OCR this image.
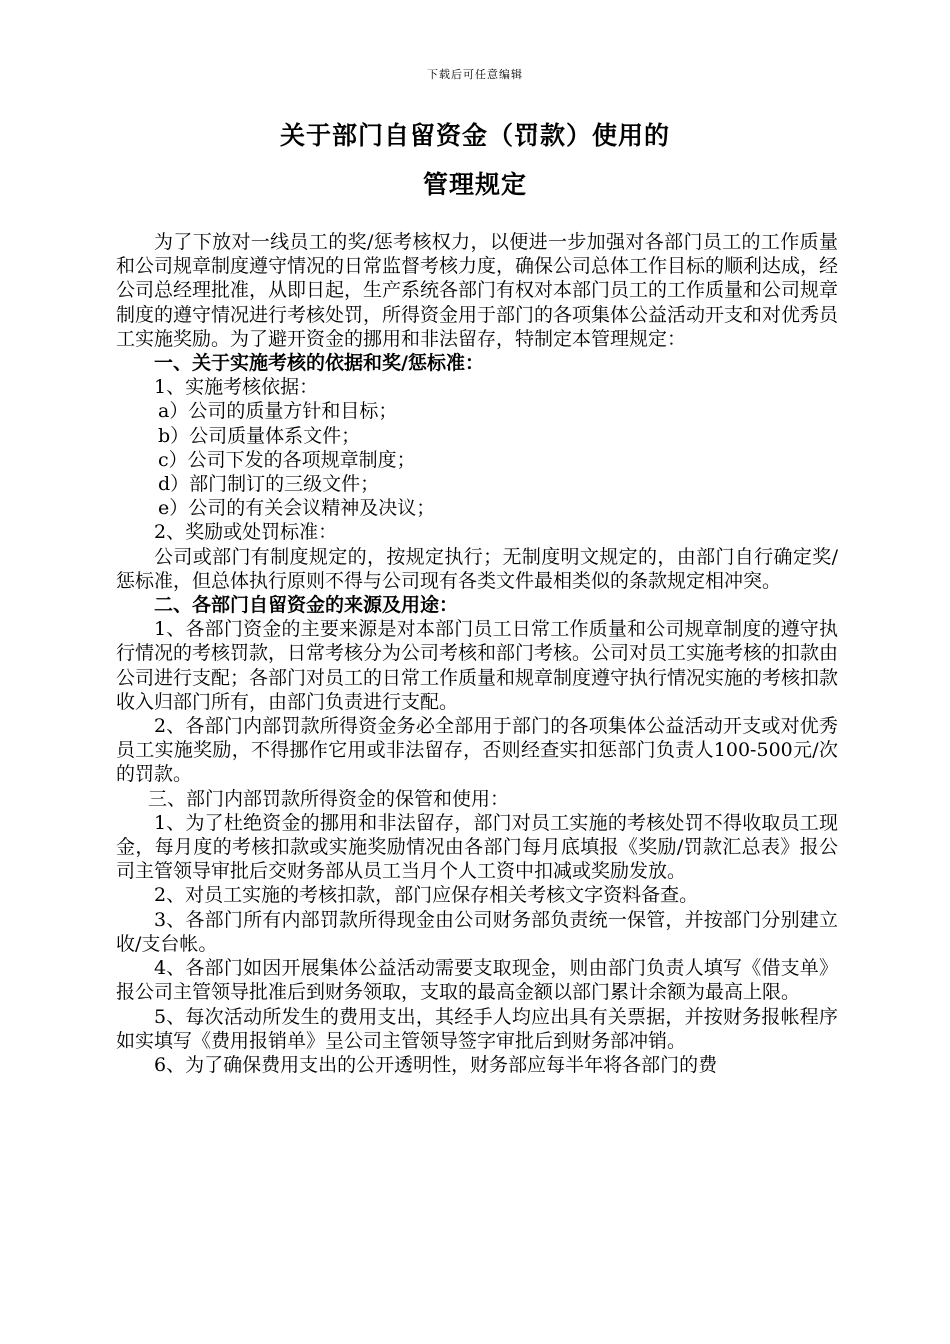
下载后可任意编辑
关于部门自留资金（罚款）使用的
管理规定

为了下放对一线员工的奖/惩考核权力，以便进一步加强对各部门员工的工作质量和公司规章制度遵守情况的日常监督考核力度，确保公司总体工作目标的顺利达成，经公司总经理批准，从即日起，生产系统各部门有权对本部门员工的工作质量和公司规章制度的遵守情况进行考核处罚，所得资金用于部门的各项集体公益活动开支和对优秀员工实施奖励。为了避开资金的挪用和非法留存，特制定本管理规定：

一、关于实施考核的依据和奖/惩标准：

1、实施考核依据：

a）公司的质量方针和目标；

b）公司质量体系文件；

c）公司下发的各项规章制度；

d）部门制订的三级文件；

e）公司的有关会议精神及决议；

2、奖励或处罚标准：

公司或部门有制度规定的，按规定执行；无制度明文规定的，由部门自行确定奖/惩标准，但总体执行原则不得与公司现有各类文件最相类似的条款规定相冲突。

二、各部门自留资金的来源及用途：

1、各部门资金的主要来源是对本部门员工日常工作质量和公司规章制度的遵守执行情况的考核罚款，日常考核分为公司考核和部门考核。公司对员工实施考核的扣款由公司进行支配；各部门对员工的日常工作质量和规章制度遵守执行情况实施的考核扣款收入归部门所有，由部门负责进行支配。

2、各部门内部罚款所得资金务必全部用于部门的各项集体公益活动开支或对优秀员工实施奖励，不得挪作它用或非法留存，否则经查实扣惩部门负责人100-500元/次的罚款。

三、部门内部罚款所得资金的保管和使用：

1、为了杜绝资金的挪用和非法留存，部门对员工实施的考核处罚不得收取员工现金，每月度的考核扣款或实施奖励情况由各部门每月底填报《奖励/罚款汇总表》报公司主管领导审批后交财务部从员工当月个人工资中扣减或奖励发放。

2、对员工实施的考核扣款，部门应保存相关考核文字资料备查。

3、各部门所有内部罚款所得现金由公司财务部负责统一保管，并按部门分别建立收/支台帐。

4、各部门如因开展集体公益活动需要支取现金，则由部门负责人填写《借支单》报公司主管领导批准后到财务领取，支取的最高金额以部门累计余额为最高上限。

5、每次活动所发生的费用支出，其经手人均应出具有关票据，并按财务报帐程序如实填写《费用报销单》呈公司主管领导签字审批后到财务部冲销。

6、为了确保费用支出的公开透明性，财务部应每半年将各部门的费
